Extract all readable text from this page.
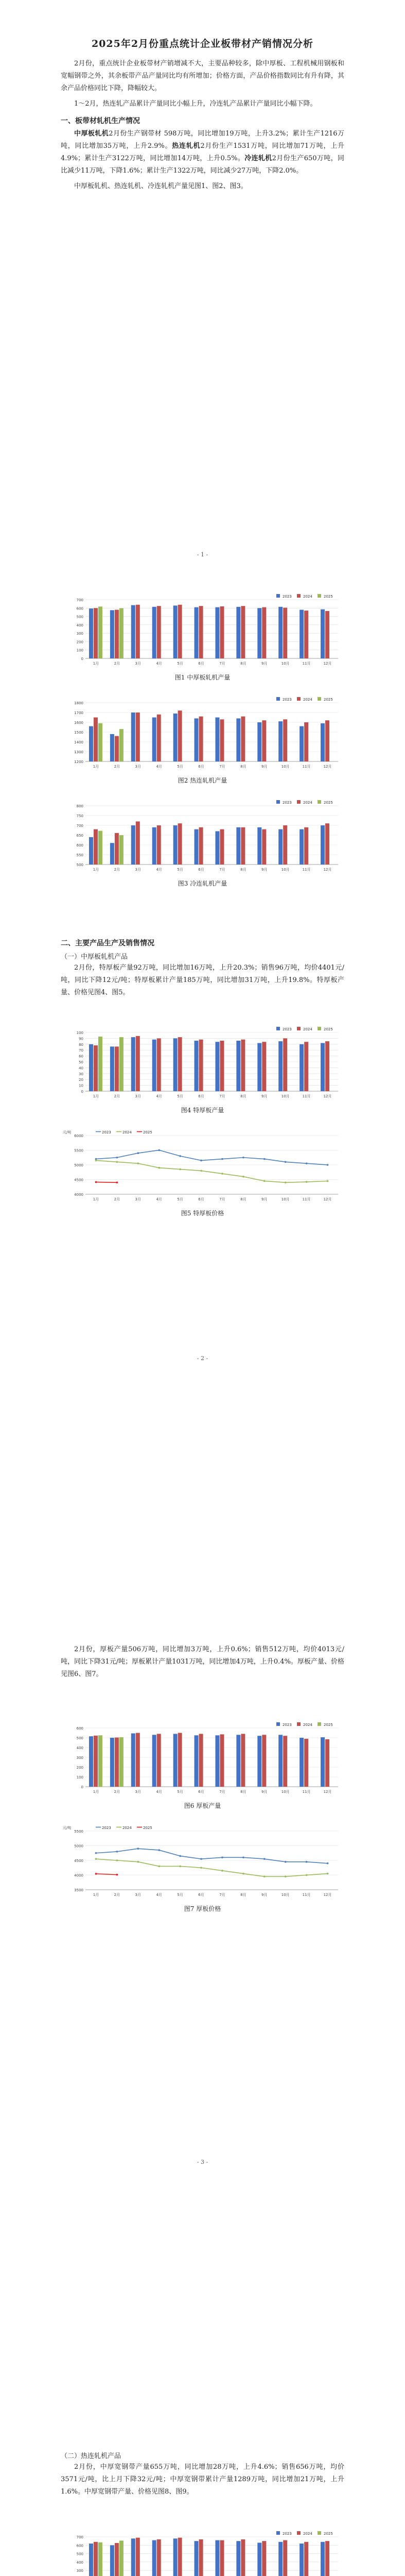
2025年2月份重点统计企业板带材产销情况分析

2月份，重点统计企业板带材产销增减不大，主要品种较多，除中厚板、工程机械用钢板和宽幅钢带之外，其余板带产品产量同比均有所增加；价格方面，产品价格指数同比有升有降，其余产品价格同比下降，降幅较大。

1～2月，热连轧产品累计产量同比小幅上升，冷连轧产品累计产量同比小幅下降。

一、板带材轧机生产情况

中厚板轧机2月份生产钢带材 598万吨，同比增加19万吨，上升3.2%；累计生产1216万吨，同比增加35万吨，上升2.9%。热连轧机2月份生产1531万吨，同比增加71万吨，上升4.9%；累计生产3122万吨，同比增加14万吨，上升0.5%。冷连轧机2月份生产650万吨，同比减少11万吨，下降1.6%；累计生产1322万吨，同比减少27万吨，下降2.0%。

中厚板轧机、热连轧机、冷连轧机产量见图1、图2、图3。

- 1 -
0
100
200
300
400
500
600
700
1月	2月	3月	4月	5月	6月	7月	8月	9月	10月	11月	12月
2023	2024	2025
图1 中厚板轧机产量
1200
1300
1400
1500
1600
1700
1800
1月	2月	3月	4月	5月	6月	7月	8月	9月	10月	11月	12月
2023	2024	2025
图2 热连轧机产量
500
550
600
650
700
750
800
1月	2月	3月	4月	5月	6月	7月	8月	9月	10月	11月	12月
2023	2024	2025
图3 冷连轧机产量
二、主要产品生产及销售情况
（一）中厚板轧机产品

2月份，特厚板产量92万吨，同比增加16万吨，上升20.3%；销售96万吨，均价4401元/吨，同比下降12元/吨；特厚板累计产量185万吨，同比增加31万吨，上升19.8%。特厚板产量、价格见图4、图5。

0
10
20
30
40
50
60
70
80
90
100
1月	2月	3月	4月	5月	6月	7月	8月	9月	10月	11月	12月
2023	2024	2025
图4 特厚板产量
4000
4500
5000
5500
6000
1月	2月	3月	4月	5月	6月	7月	8月	9月	10月	11月	12月
元/吨	2023	2024	2025
图5 特厚板价格
- 2 -

2月份，厚板产量506万吨，同比增加3万吨，上升0.6%；销售512万吨，均价4013元/吨，同比下降31元/吨；厚板累计产量1031万吨，同比增加4万吨，上升0.4%。厚板产量、价格见图6、图7。

0
100
200
300
400
500
600
1月	2月	3月	4月	5月	6月	7月	8月	9月	10月	11月	12月
2023	2024	2025
图6 厚板产量
3500
4000
4500
5000
5500
1月	2月	3月	4月	5月	6月	7月	8月	9月	10月	11月	12月
元/吨	2023	2024	2025
图7 厚板价格
- 3 -
（二）热连轧机产品

2月份，中厚宽钢带产量655万吨，同比增加28万吨，上升4.6%；销售656万吨，均价3571元/吨，比上月下降32元/吨；中厚宽钢带累计产量1289万吨，同比增加21万吨，上升1.6%。中厚宽钢带产量、价格见图8、图9。

300
400
500
600
700
2023	2024	2025
